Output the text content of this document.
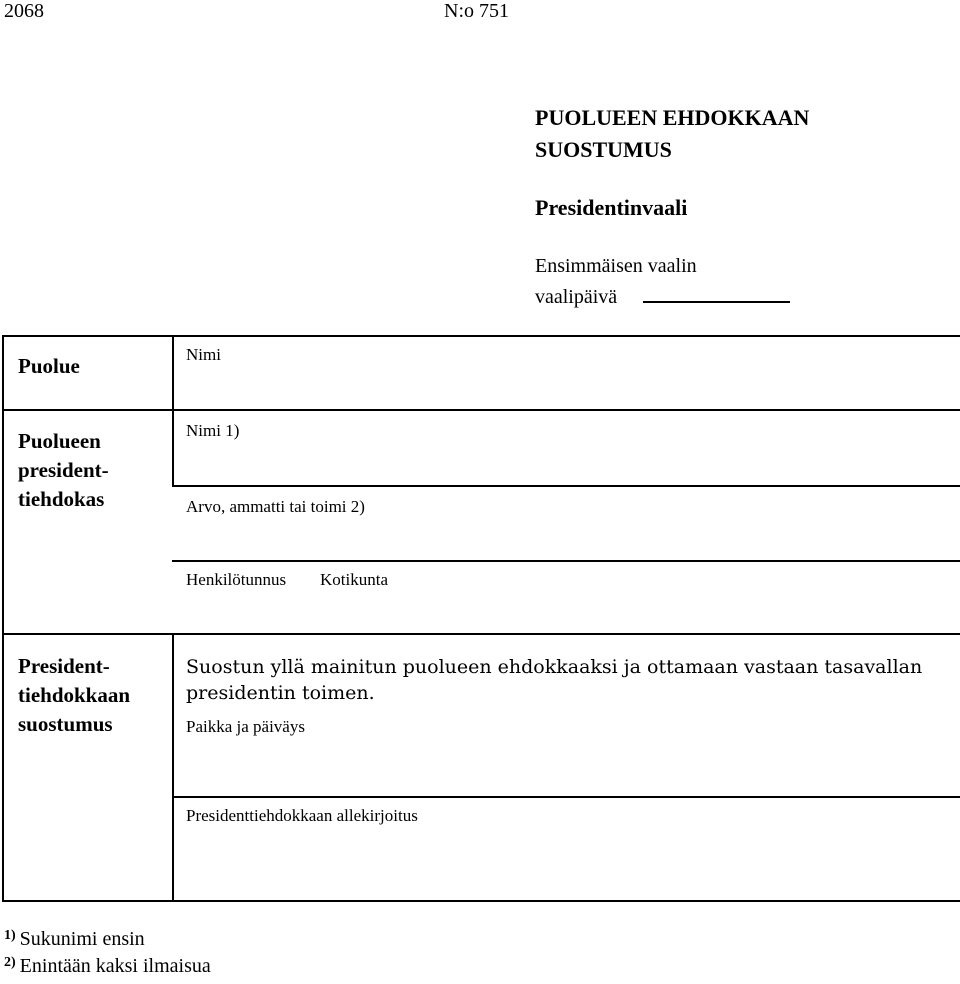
2068	N:o 751
PUOLUEEN EHDOKKAAN
SUOSTUMUS
Presidentinvaali
Ensimmäisen vaalin
vaalipäivä
Puolue	Nimi
Puolueen
president-
tiehdokas
Nimi 1)
Arvo, ammatti tai toimi 2)
Henkilötunnus Kotikunta
President-
tiehdokkaan
suostumus
Suostun yllä mainitun puolueen ehdokkaaksi ja ottamaan vastaan tasavallan
presidentin toimen.
Paikka ja päiväys
Presidenttiehdokkaan allekirjoitus
$^{1)}$ Sukunimi ensin
$^{2)}$ Enintään kaksi ilmaisua
